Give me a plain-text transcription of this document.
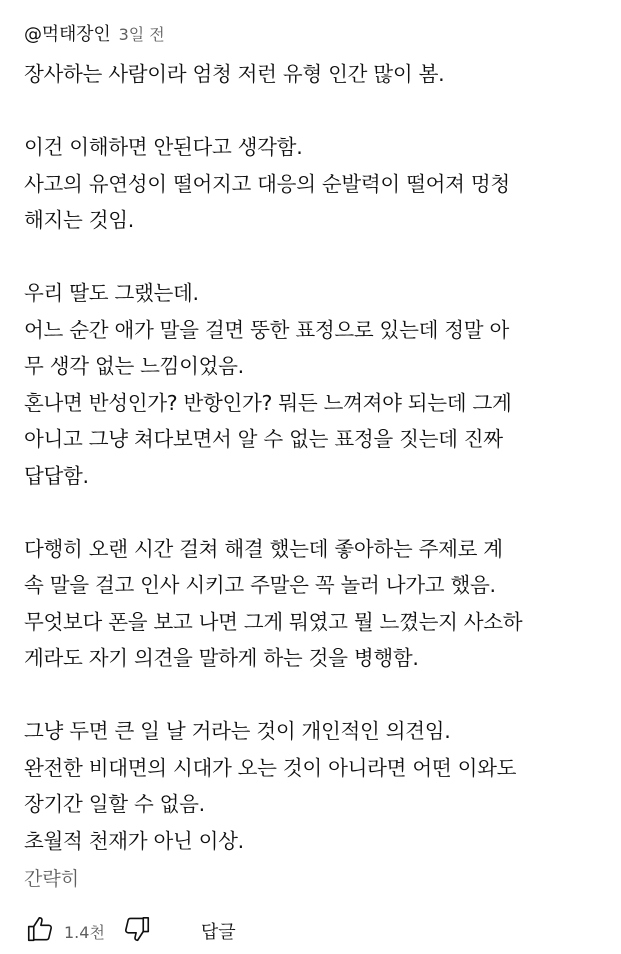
@먹태장인 3일 전
장사하는 사람이라 엄청 저런 유형 인간 많이 봄.
이건 이해하면 안된다고 생각함.
사고의 유연성이 떨어지고 대응의 순발력이 떨어져 멍청
해지는 것임.
우리 딸도 그랬는데.
어느 순간 애가 말을 걸면 뚱한 표정으로 있는데 정말 아
무 생각 없는 느낌이었음.
혼나면 반성인가? 반항인가? 뭐든 느껴져야 되는데 그게
아니고 그냥 쳐다보면서 알 수 없는 표정을 짓는데 진짜
답답함.
다행히 오랜 시간 걸쳐 해결 했는데 좋아하는 주제로 계
속 말을 걸고 인사 시키고 주말은 꼭 놀러 나가고 했음.
무엇보다 폰을 보고 나면 그게 뭐였고 뭘 느꼈는지 사소하
게라도 자기 의견을 말하게 하는 것을 병행함.
그냥 두면 큰 일 날 거라는 것이 개인적인 의견임.
완전한 비대면의 시대가 오는 것이 아니라면 어떤 이와도
장기간 일할 수 없음.
초월적 천재가 아닌 이상.
간략히
1.4천	답글
